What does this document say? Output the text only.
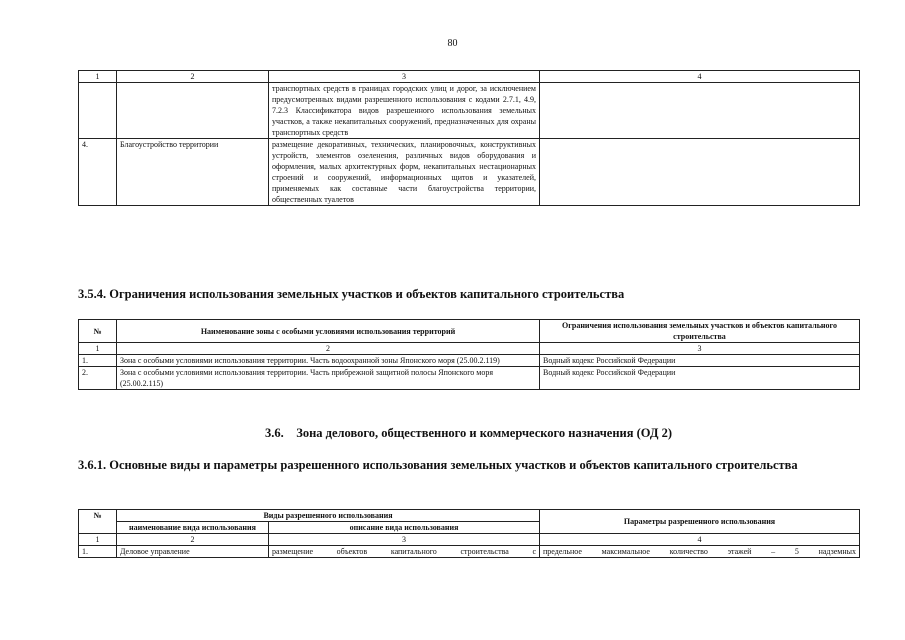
80
1	2	3	4
		транспортных средств в границах городских улиц и дорог, за исключением предусмотренных видами разрешенного использования с кодами 2.7.1, 4.9, 7.2.3 Классификатора видов разрешенного использования земельных участков, а также некапитальных сооружений, предназначенных для охраны транспортных средств	
4.	Благоустройство территории	размещение декоративных, технических, планировочных, конструктивных устройств, элементов озеленения, различных видов оборудования и оформления, малых архитектурных форм, некапитальных нестационарных строений и сооружений, информационных щитов и указателей, применяемых как составные части благоустройства территории, общественных туалетов	
3.5.4. Ограничения использования земельных участков и объектов капитального строительства
№	Наименование зоны с особыми условиями использования территорий	Ограничения использования земельных участков и объектов капитального строительства
1	2	3
1.	Зона с особыми условиями использования территории. Часть водоохранной зоны Японского моря (25.00.2.119)	Водный кодекс Российской Федерации
2.	Зона с особыми условиями использования территории. Часть прибрежной защитной полосы Японского моря (25.00.2.115)	Водный кодекс Российской Федерации
3.6.    Зона делового, общественного и коммерческого назначения (ОД 2)
3.6.1. Основные виды и параметры разрешенного использования земельных участков и объектов капитального строительства
№	Виды разрешенного использования		Параметры разрешенного использования
	наименование вида использования	описание вида использования	
1	2	3	4
1.	Деловое управление	размещение объектов капитального строительства с	предельное максимальное количество этажей – 5 надземных
